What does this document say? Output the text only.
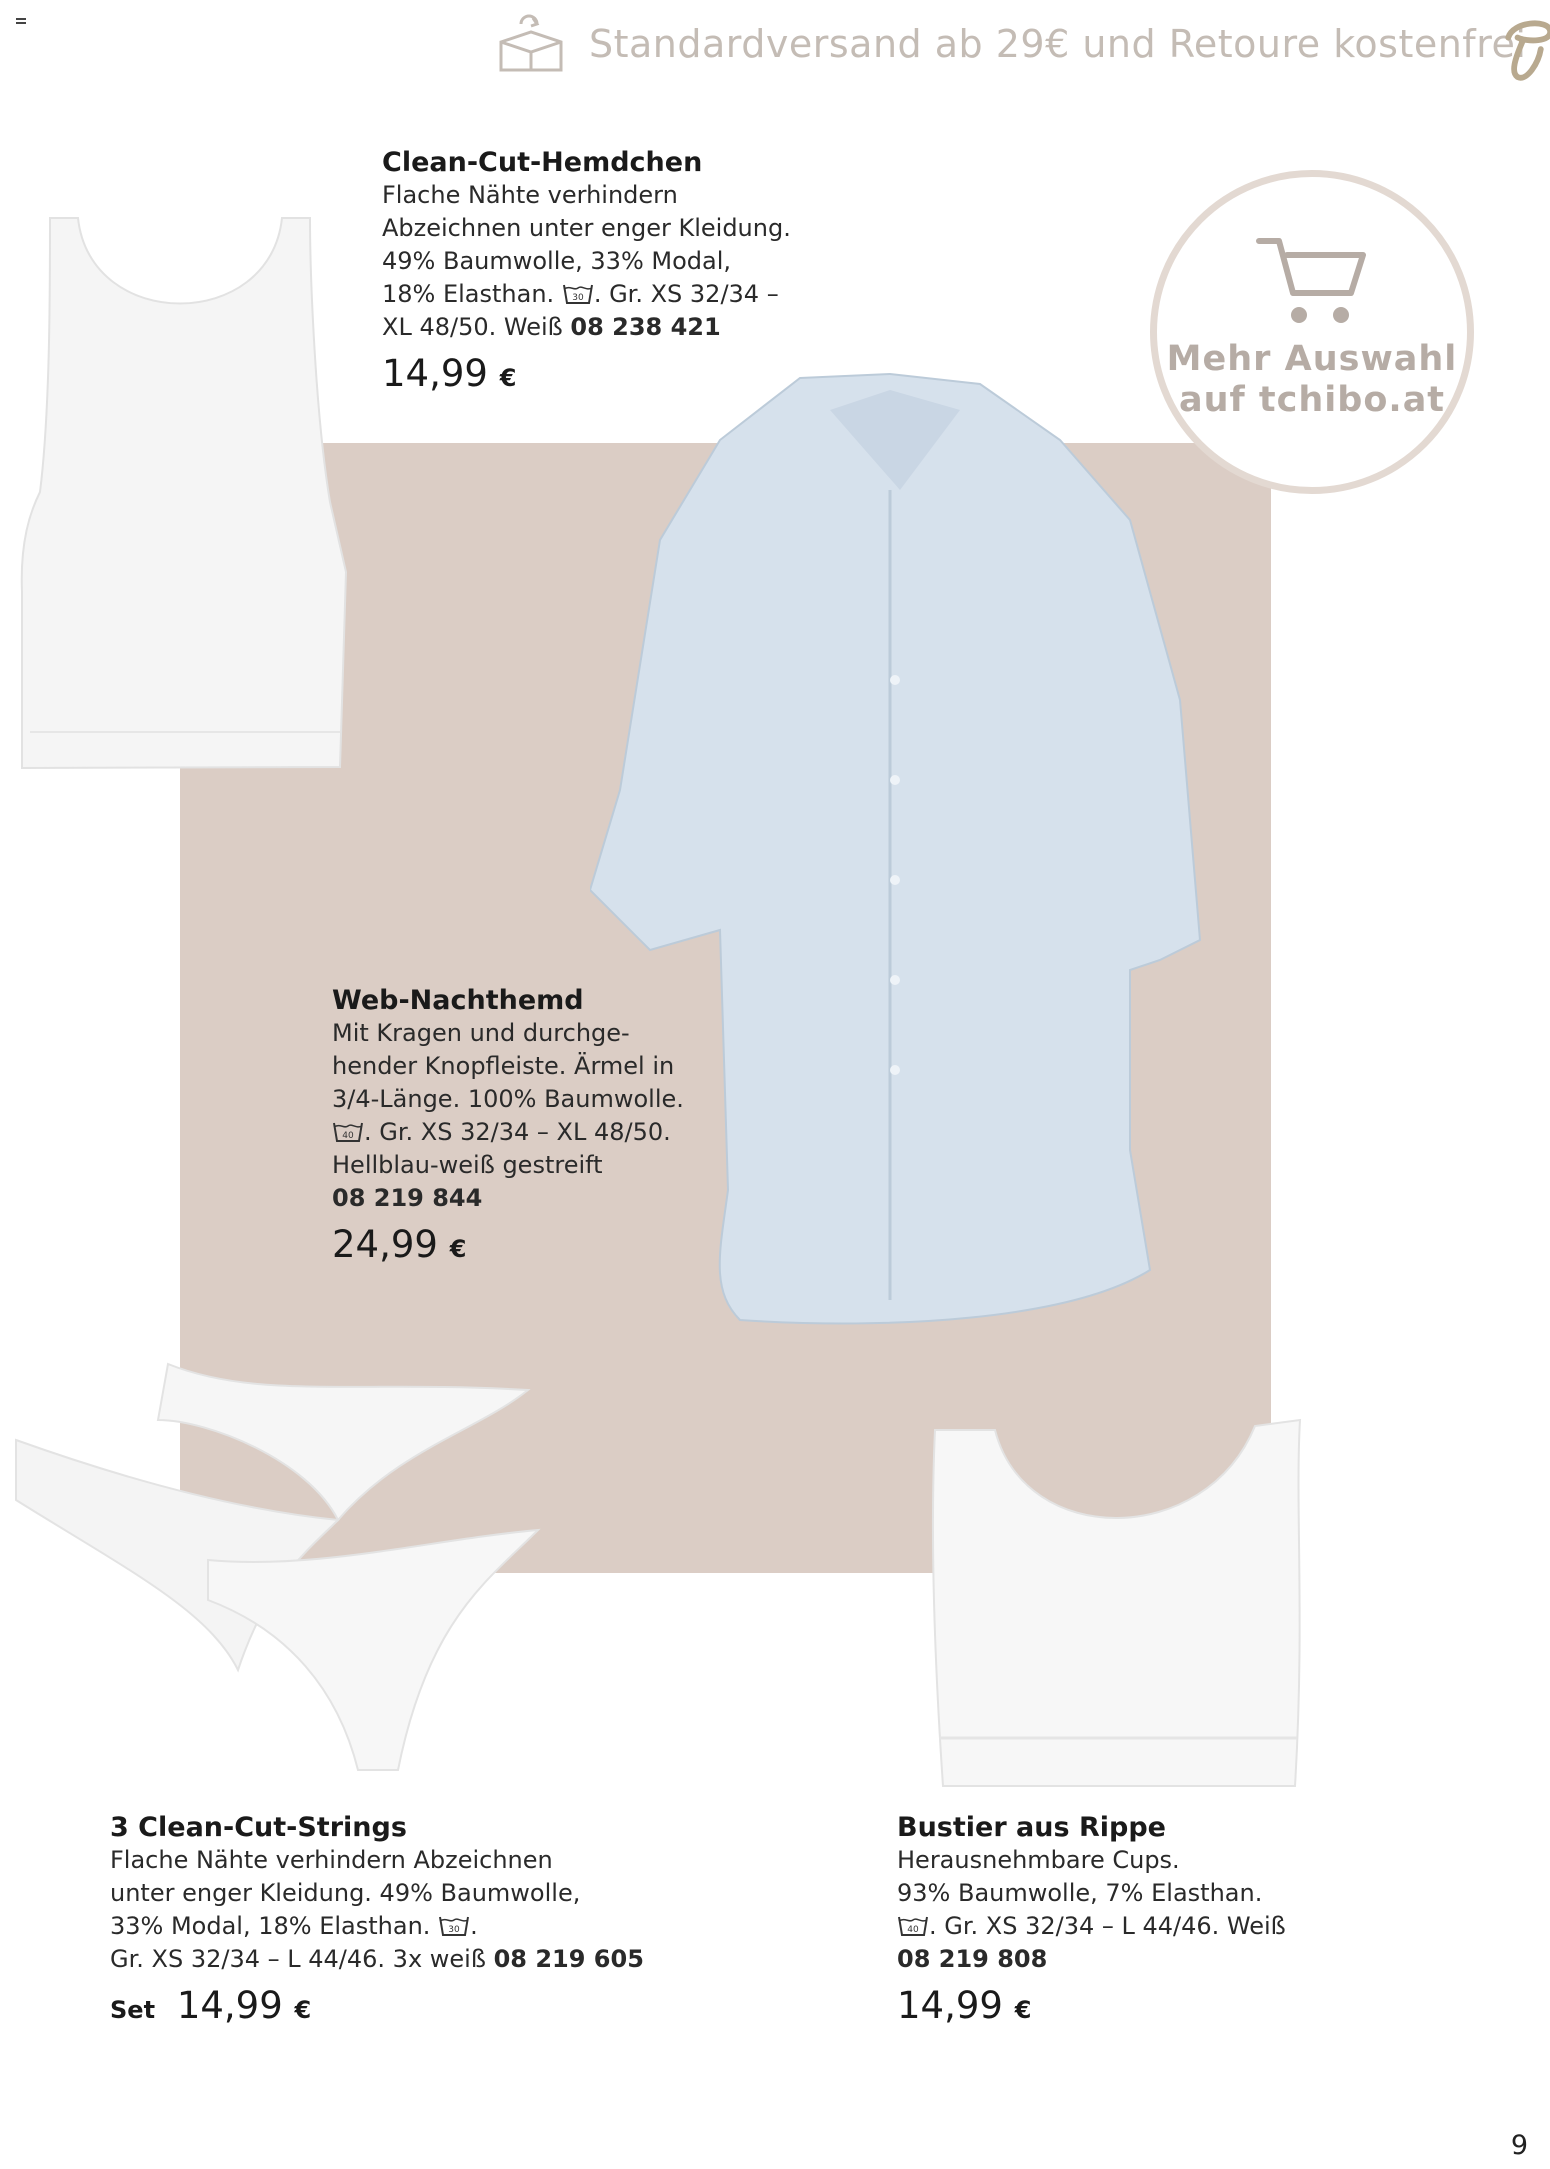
Standardversand ab 29€ und Retoure kostenfrei
Mehr Auswahl
auf tchibo.at
Clean-Cut-Hemdchen
Flache Nähte verhindern
Abzeichnen unter enger Kleidung.
49% Baumwolle, 33% Modal,
18% Elasthan. 30 . Gr. XS 32/34 –
XL 48/50. Weiß 08 238 421
14,99 €
Web-Nachthemd
Mit Kragen und durchge-
hender Knopfleiste. Ärmel in
3/4-Länge. 100% Baumwolle.
40 . Gr. XS 32/34 – XL 48/50.
Hellblau-weiß gestreift
08 219 844
24,99 €
3 Clean-Cut-Strings
Flache Nähte verhindern Abzeichnen
unter enger Kleidung. 49% Baumwolle,
33% Modal, 18% Elasthan. 30 .
Gr. XS 32/34 – L 44/46. 3x weiß 08 219 605
Set 14,99 €
Bustier aus Rippe
Herausnehmbare Cups.
93% Baumwolle, 7% Elasthan.
40 . Gr. XS 32/34 – L 44/46. Weiß
08 219 808
14,99 €
9
